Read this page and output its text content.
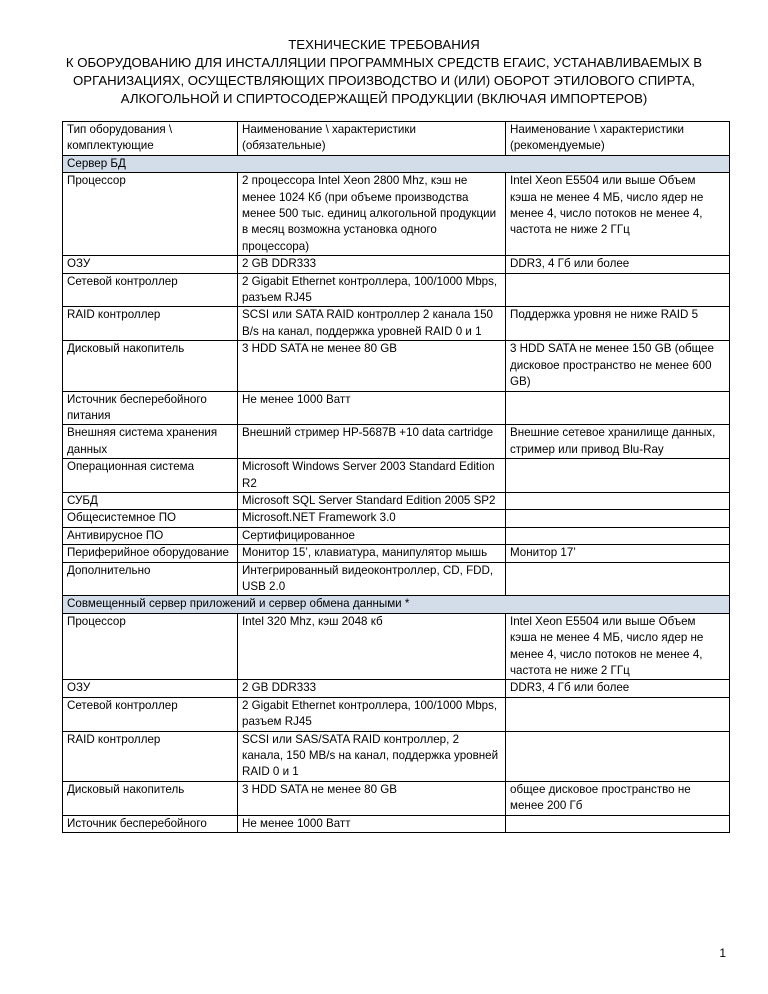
ТЕХНИЧЕСКИЕ ТРЕБОВАНИЯ
К ОБОРУДОВАНИЮ ДЛЯ ИНСТАЛЛЯЦИИ ПРОГРАММНЫХ СРЕДСТВ ЕГАИС, УСТАНАВЛИВАЕМЫХ В
ОРГАНИЗАЦИЯХ, ОСУЩЕСТВЛЯЮЩИХ ПРОИЗВОДСТВО И (ИЛИ) ОБОРОТ ЭТИЛОВОГО СПИРТА,
АЛКОГОЛЬНОЙ И СПИРТОСОДЕРЖАЩЕЙ ПРОДУКЦИИ (ВКЛЮЧАЯ ИМПОРТЕРОВ)
Тип оборудования \ комплектующие	Наименование \ характеристики (обязательные)	Наименование \ характеристики (рекомендуемые)
Сервер БД		
Процессор	2 процессора Intel Xeon 2800 Mhz, кэш не менее 1024 Кб (при объеме производства менее 500 тыс. единиц алкогольной продукции в месяц возможна установка одного процессора)	Intel Xeon E5504 или выше Объем кэша не менее 4 МБ, число ядер не менее 4, число потоков не менее 4, частота не ниже 2 ГГц
ОЗУ	2 GB DDR333	DDR3, 4 Гб или более
Сетевой контроллер	2 Gigabit Ethernet контроллера, 100/1000 Mbps, разъем RJ45	
RAID контроллер	SCSI или SATA RAID контроллер 2 канала 150 В/s на канал, поддержка уровней RAID 0 и 1	Поддержка уровня не ниже RAID 5
Дисковый накопитель	3 HDD SATA не менее 80 GB	3 HDD SATA не менее 150 GB (общее дисковое пространство не менее 600 GB)
Источник бесперебойного питания	Не менее 1000 Ватт	
Внешняя система хранения данных	Внешний стример HP-5687B +10 data cartridge	Внешние сетевое хранилище данных, стример или привод Blu-Ray
Операционная система	Microsoft Windows Server 2003 Standard Edition R2	
СУБД	Microsoft SQL Server Standard Edition 2005 SP2	
Общесистемное ПО	Microsoft.NET Framework 3.0	
Антивирусное ПО	Сертифицированное	
Периферийное оборудование	Монитор 15’, клавиатура, манипулятор мышь	Монитор 17’
Дополнительно	Интегрированный видеоконтроллер, CD, FDD, USB 2.0	
Совмещенный сервер приложений и сервер обмена данными *		
Процессор	Intel 320 Mhz, кэш 2048 кб	Intel Xeon E5504 или выше Объем кэша не менее 4 МБ, число ядер не менее 4, число потоков не менее 4, частота не ниже 2 ГГц
ОЗУ	2 GB DDR333	DDR3, 4 Гб или более
Сетевой контроллер	2 Gigabit Ethernet контроллера, 100/1000 Mbps, разъем RJ45	
RAID контроллер	SCSI или SAS/SATA RAID контроллер, 2 канала, 150 MB/s на канал, поддержка уровней RAID 0 и 1	
Дисковый накопитель	3 HDD SATA не менее 80 GB	общее дисковое пространство не менее 200 Гб
Источник бесперебойного	Не менее 1000 Ватт	
1
